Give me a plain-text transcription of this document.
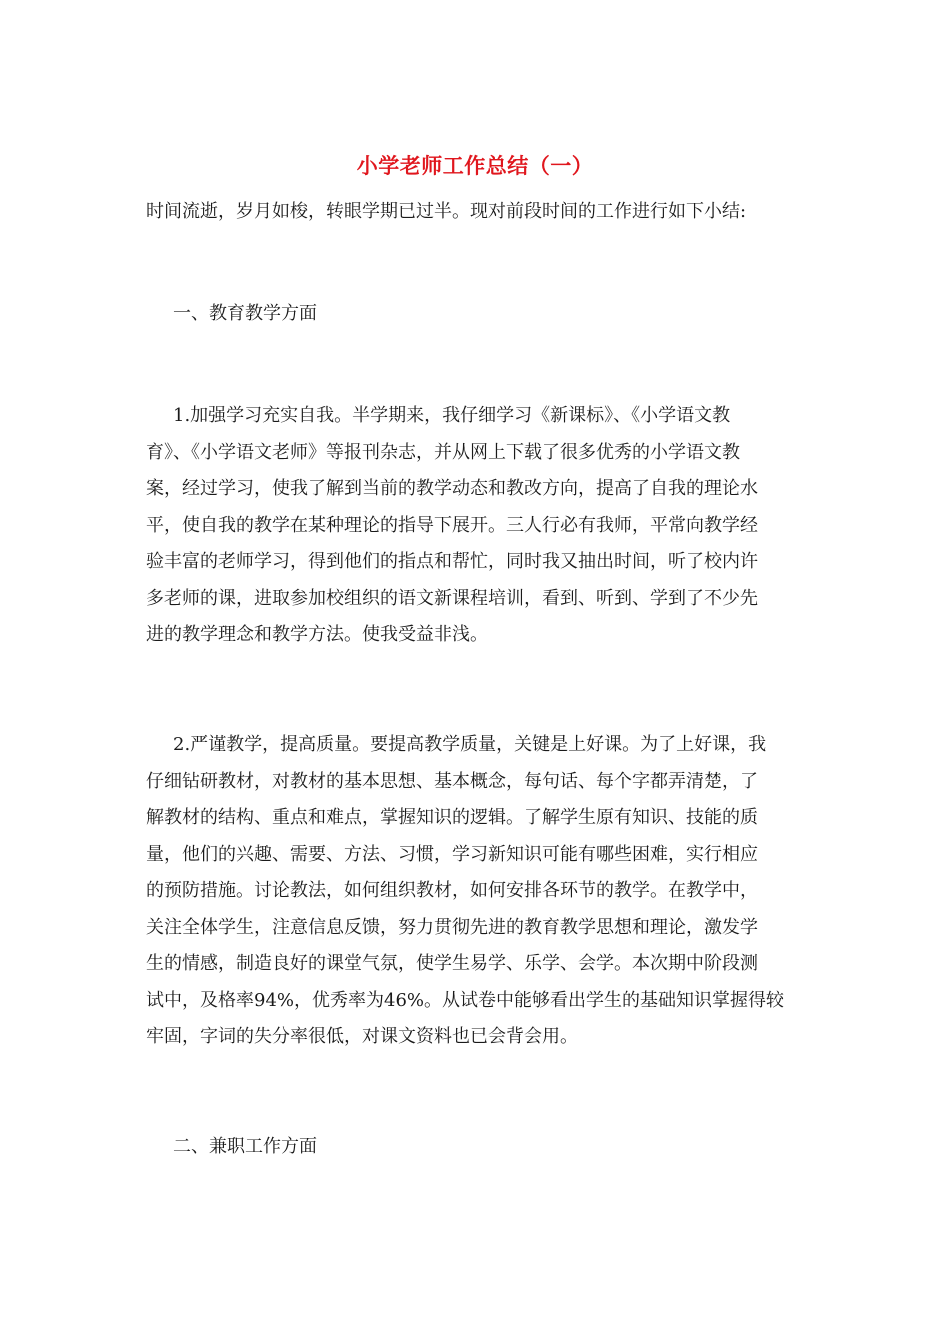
小学老师工作总结（一）
时间流逝，岁月如梭，转眼学期已过半。现对前段时间的工作进行如下小结:
一、教育教学方面
1.加强学习充实自我。半学期来，我仔细学习《新课标》、《小学语文教
育》、《小学语文老师》等报刊杂志，并从网上下载了很多优秀的小学语文教
案，经过学习，使我了解到当前的教学动态和教改方向，提高了自我的理论水
平，使自我的教学在某种理论的指导下展开。三人行必有我师，平常向教学经
验丰富的老师学习，得到他们的指点和帮忙，同时我又抽出时间，听了校内许
多老师的课，进取参加校组织的语文新课程培训，看到、听到、学到了不少先
进的教学理念和教学方法。使我受益非浅。
2.严谨教学，提高质量。要提高教学质量，关键是上好课。为了上好课，我
仔细钻研教材，对教材的基本思想、基本概念，每句话、每个字都弄清楚，了
解教材的结构、重点和难点，掌握知识的逻辑。了解学生原有知识、技能的质
量，他们的兴趣、需要、方法、习惯，学习新知识可能有哪些困难，实行相应
的预防措施。讨论教法，如何组织教材，如何安排各环节的教学。在教学中，
关注全体学生，注意信息反馈，努力贯彻先进的教育教学思想和理论，激发学
生的情感，制造良好的课堂气氛，使学生易学、乐学、会学。本次期中阶段测
试中，及格率94%，优秀率为46%。从试卷中能够看出学生的基础知识掌握得较
牢固，字词的失分率很低，对课文资料也已会背会用。
二、兼职工作方面
